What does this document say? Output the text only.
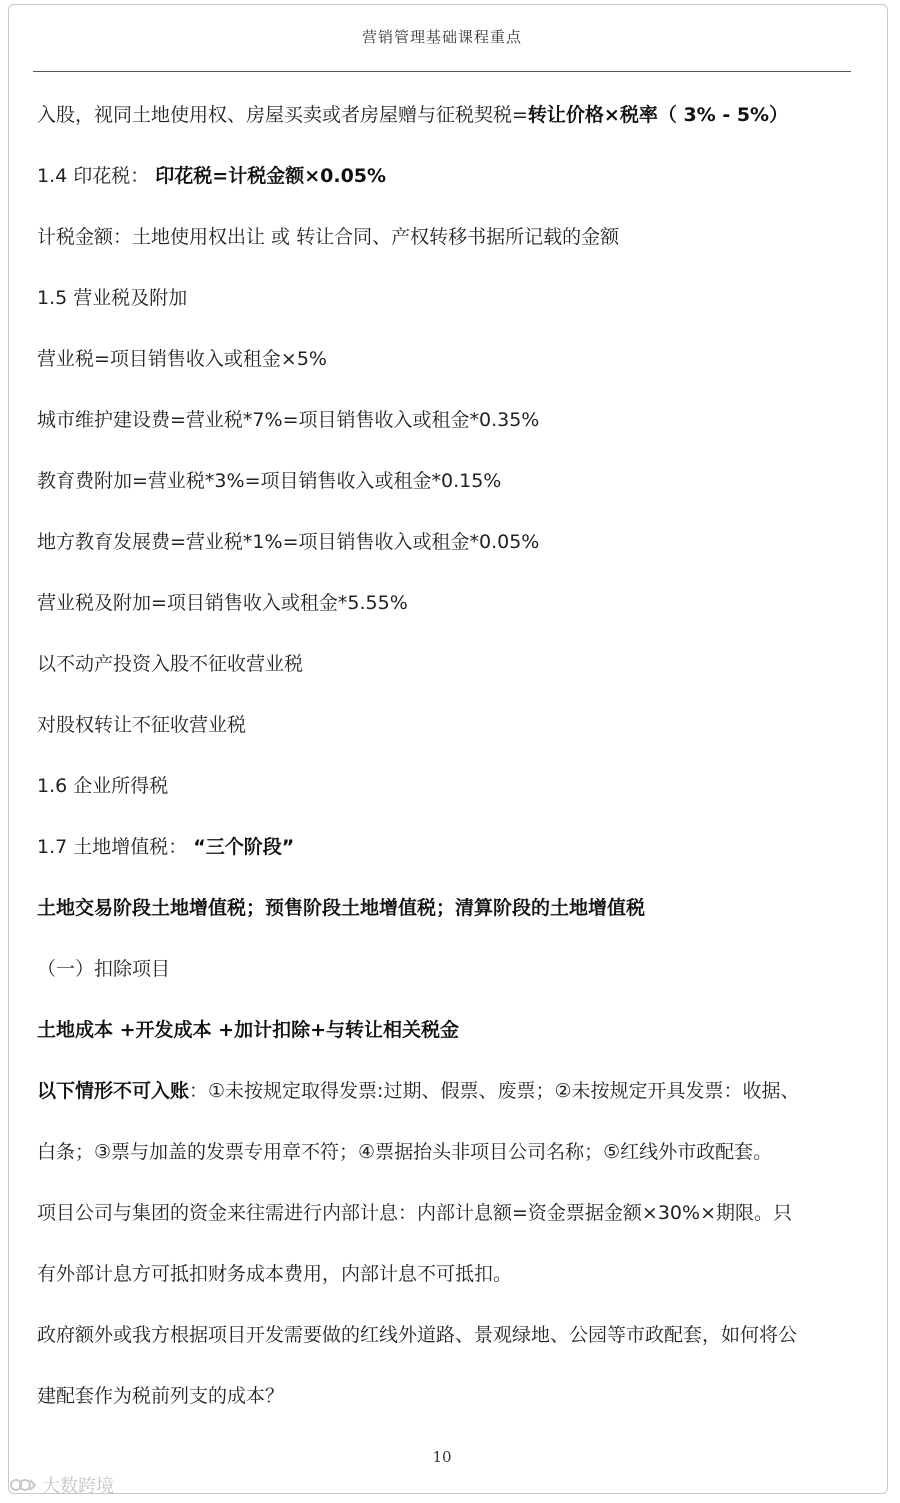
营销管理基础课程重点
入股，视同土地使用权、房屋买卖或者房屋赠与征税契税=转让价格×税率（ 3% - 5%）
1.4 印花税： 印花税=计税金额×0.05%
计税金额：土地使用权出让 或 转让合同、产权转移书据所记载的金额
1.5 营业税及附加
营业税=项目销售收入或租金×5%
城市维护建设费=营业税*7%=项目销售收入或租金*0.35%
教育费附加=营业税*3%=项目销售收入或租金*0.15%
地方教育发展费=营业税*1%=项目销售收入或租金*0.05%
营业税及附加=项目销售收入或租金*5.55%
以不动产投资入股不征收营业税
对股权转让不征收营业税
1.6 企业所得税
1.7 土地增值税： “三个阶段”
土地交易阶段土地增值税；预售阶段土地增值税；清算阶段的土地增值税
（一）扣除项目
土地成本 +开发成本 +加计扣除+与转让相关税金
以下情形不可入账：①未按规定取得发票:过期、假票、废票；②未按规定开具发票：收据、
白条；③票与加盖的发票专用章不符；④票据抬头非项目公司名称；⑤红线外市政配套。
项目公司与集团的资金来往需进行内部计息：内部计息额=资金票据金额×30%×期限。只
有外部计息方可抵扣财务成本费用，内部计息不可抵扣。
政府额外或我方根据项目开发需要做的红线外道路、景观绿地、公园等市政配套，如何将公
建配套作为税前列支的成本？
10
大数跨境
